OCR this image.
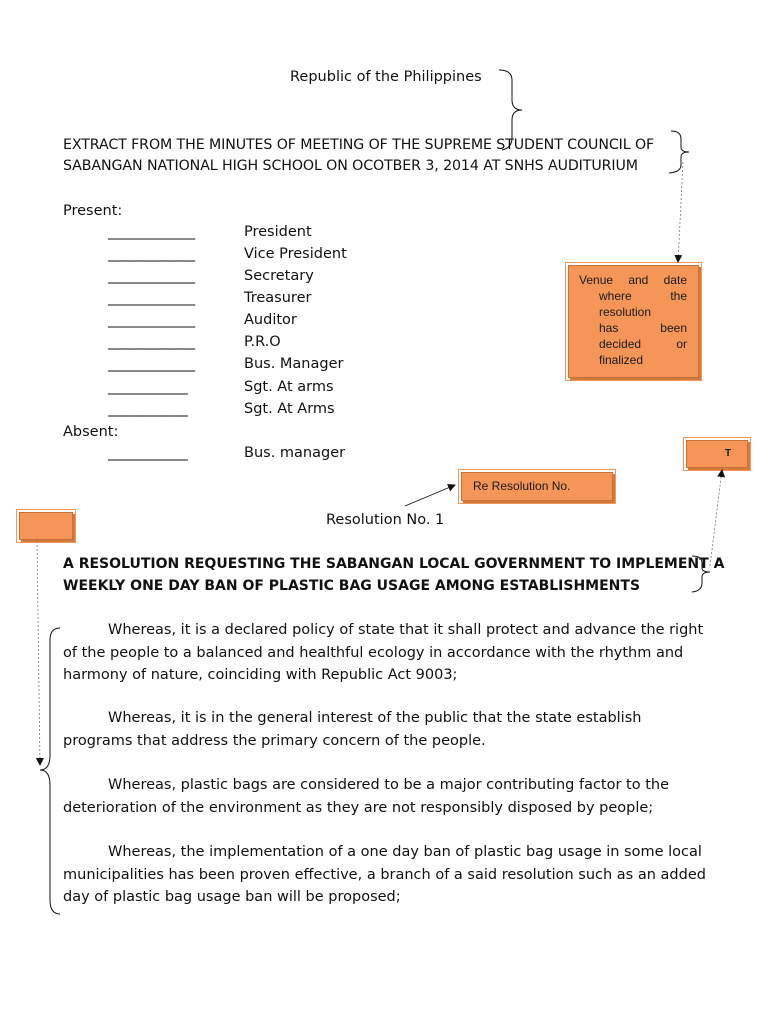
Republic of the Philippines
EXTRACT FROM THE MINUTES OF MEETING OF THE SUPREME STUDENT COUNCIL OF
SABANGAN NATIONAL HIGH SCHOOL ON OCOTBER 3, 2014 AT SNHS AUDITURIUM
Present:
____________	President
____________	Vice President
____________	Secretary
____________	Treasurer
____________	Auditor
____________	P.R.O
____________	Bus. Manager
___________	Sgt. At arms
___________	Sgt. At Arms
Absent:
___________	Bus. manager
Venue and date
where the
resolution
has been
decided or
finalized
Re Resolution No.
T
Resolution No. 1
A RESOLUTION REQUESTING THE SABANGAN LOCAL GOVERNMENT TO IMPLEMENT A
WEEKLY ONE DAY BAN OF PLASTIC BAG USAGE AMONG ESTABLISHMENTS
Whereas, it is a declared policy of state that it shall protect and advance the right of the people to a balanced and healthful ecology in accordance with the rhythm and harmony of nature, coinciding with Republic Act 9003;
Whereas, it is in the general interest of the public that the state establish programs that address the primary concern of the people.
Whereas, plastic bags are considered to be a major contributing factor to the deterioration of the environment as they are not responsibly disposed by people;
Whereas, the implementation of a one day ban of plastic bag usage in some local municipalities has been proven effective, a branch of a said resolution such as an added day of plastic bag usage ban will be proposed;
